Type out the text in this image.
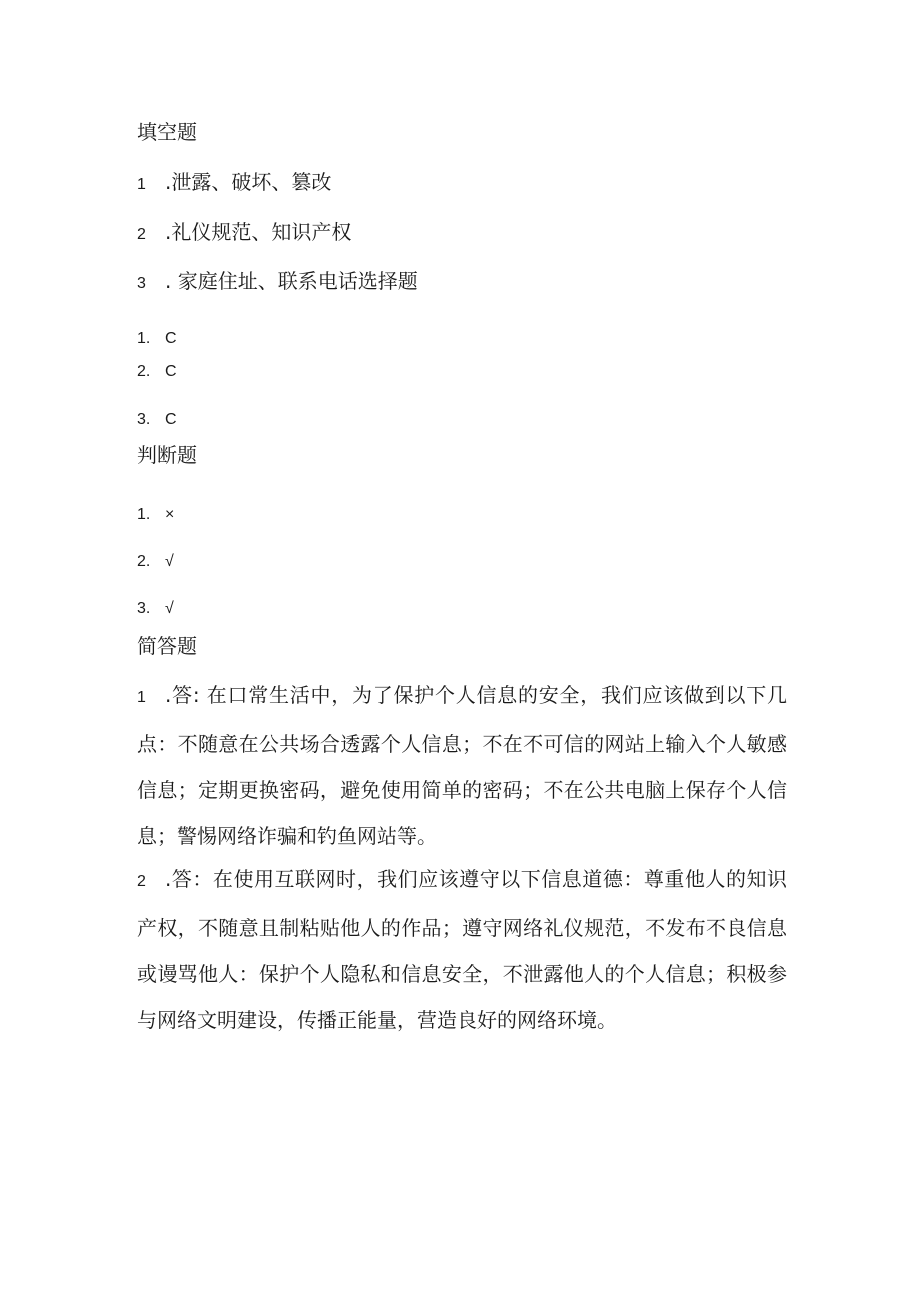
填空题
1 .泄露、破坏、篡改
2 .礼仪规范、知识产权
3 . 家庭住址、联系电话选择题
1. C
2. C
3. C
判断题
1. ×
2. √
3. √
简答题
1 .答: 在口常生活中，为了保护个人信息的安全，我们应该做到以下几点：不随意在公共场合透露个人信息；不在不可信的网站上输入个人敏感信息；定期更换密码，避免使用简单的密码；不在公共电脑上保存个人信息；警惕网络诈骗和钓鱼网站等。
2 .答：在使用互联网时，我们应该遵守以下信息道德：尊重他人的知识产权，不随意且制粘贴他人的作品；遵守网络礼仪规范，不发布不良信息或谩骂他人：保护个人隐私和信息安全，不泄露他人的个人信息；积极参与网络文明建设，传播正能量，营造良好的网络环境。
